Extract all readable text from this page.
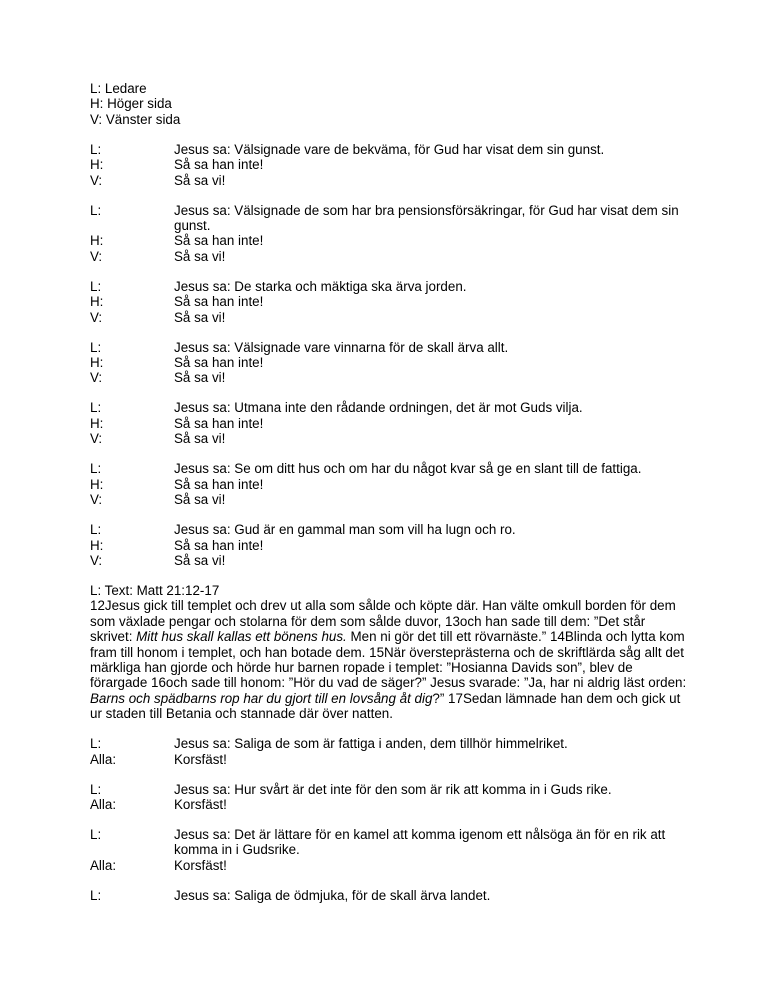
L: Ledare
H: Höger sida
V: Vänster sida
L:	Jesus sa: Välsignade vare de bekväma, för Gud har visat dem sin gunst.
H:	Så sa han inte!
V:	Så sa vi!
L:	Jesus sa: Välsignade de som har bra pensionsförsäkringar, för Gud har visat dem sin gunst.
H:	Så sa han inte!
V:	Så sa vi!
L:	Jesus sa: De starka och mäktiga ska ärva jorden.
H:	Så sa han inte!
V:	Så sa vi!
L:	Jesus sa: Välsignade vare vinnarna för de skall ärva allt.
H:	Så sa han inte!
V:	Så sa vi!
L:	Jesus sa: Utmana inte den rådande ordningen, det är mot Guds vilja.
H:	Så sa han inte!
V:	Så sa vi!
L:	Jesus sa: Se om ditt hus och om har du något kvar så ge en slant till de fattiga.
H:	Så sa han inte!
V:	Så sa vi!
L:	Jesus sa: Gud är en gammal man som vill ha lugn och ro.
H:	Så sa han inte!
V:	Så sa vi!

L: Text: Matt 21:12-17

12Jesus gick till templet och drev ut alla som sålde och köpte där. Han välte omkull borden för dem som växlade pengar och stolarna för dem som sålde duvor, 13och han sade till dem: ”Det står skrivet: Mitt hus skall kallas ett bönens hus. Men ni gör det till ett rövarnäste.” 14Blinda och lytta kom fram till honom i templet, och han botade dem. 15När översteprästerna och de skriftlärda såg allt det märkliga han gjorde och hörde hur barnen ropade i templet: ”Hosianna Davids son”, blev de förargade 16och sade till honom: ”Hör du vad de säger?” Jesus svarade: ”Ja, har ni aldrig läst orden: Barns och spädbarns rop har du gjort till en lovsång åt dig?” 17Sedan lämnade han dem och gick ut ur staden till Betania och stannade där över natten.

L:	Jesus sa: Saliga de som är fattiga i anden, dem tillhör himmelriket.
Alla:	Korsfäst!
L:	Jesus sa: Hur svårt är det inte för den som är rik att komma in i Guds rike.
Alla:	Korsfäst!
L:	Jesus sa: Det är lättare för en kamel att komma igenom ett nålsöga än för en rik att komma in i Gudsrike.
Alla:	Korsfäst!
L:	Jesus sa: Saliga de ödmjuka, för de skall ärva landet.
